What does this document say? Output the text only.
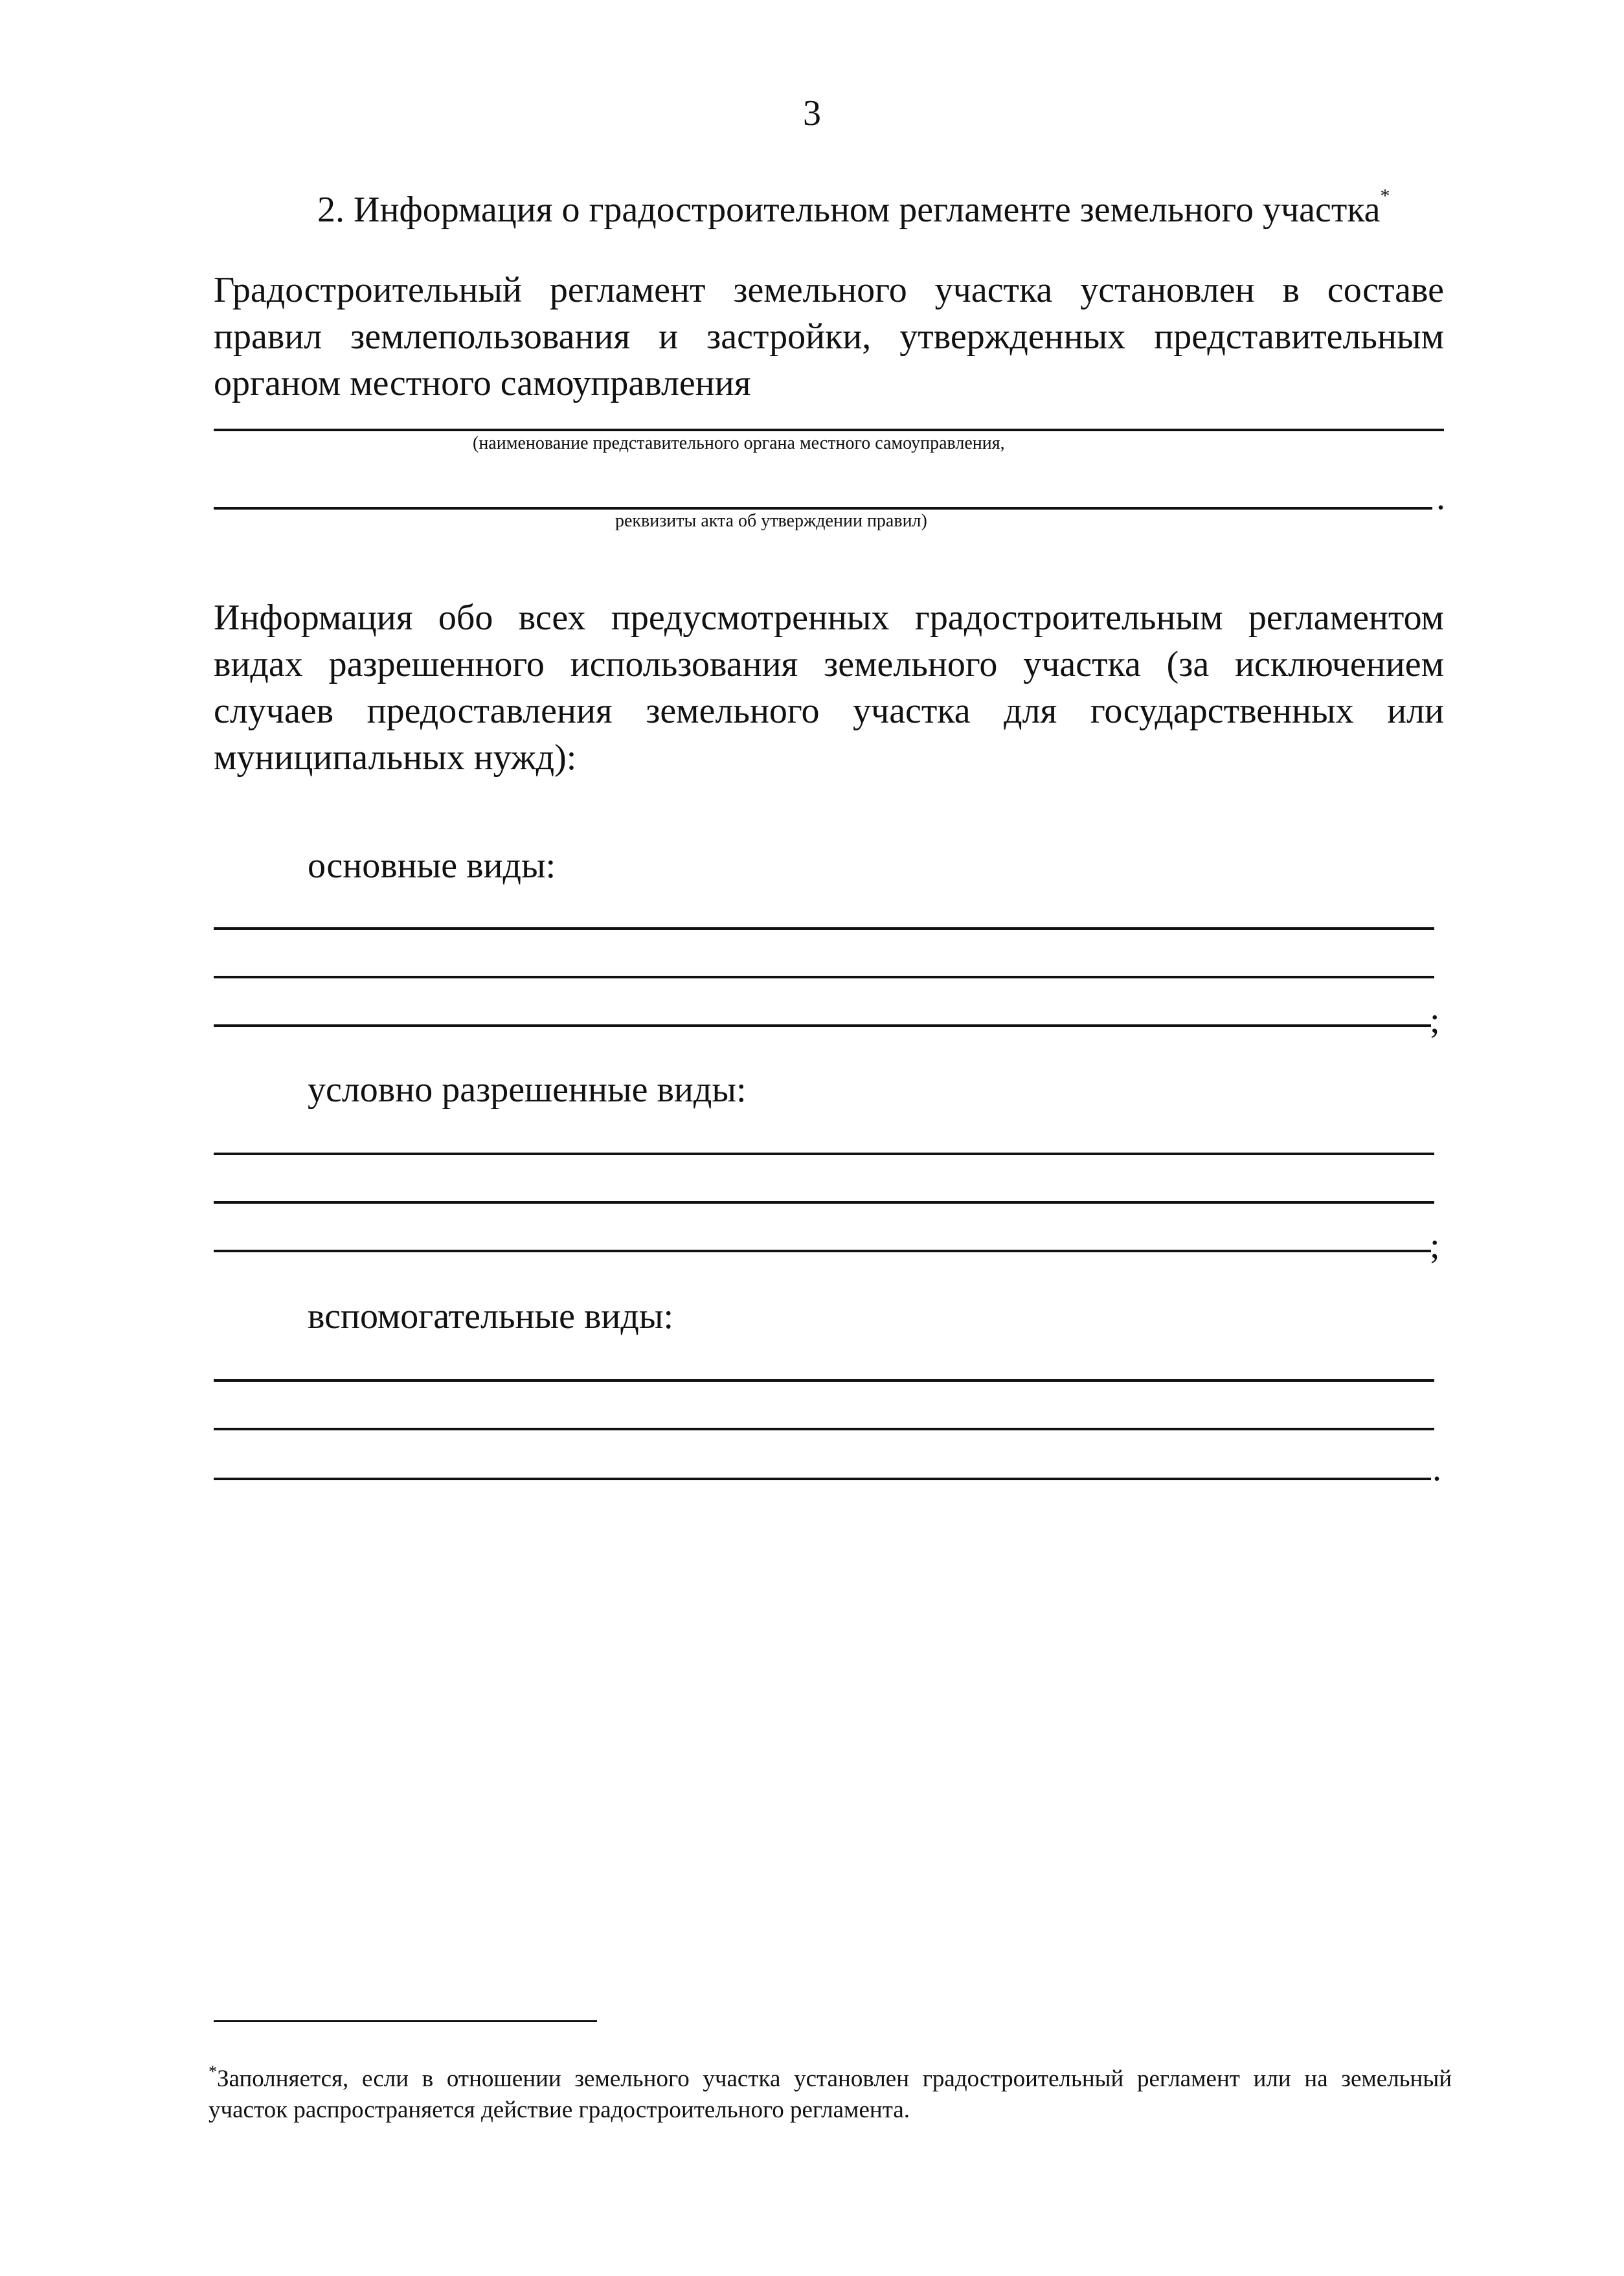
3
2. Информация о градостроительном регламенте земельного участка*
Градостроительный регламент земельного участка установлен в составе правил землепользования и застройки, утвержденных представительным органом местного самоуправления
(наименование представительного органа местного самоуправления,
.
реквизиты акта об утверждении правил)
Информация обо всех предусмотренных градостроительным регламентом видах разрешенного использования земельного участка (за исключением случаев предоставления земельного участка для государственных или муниципальных нужд):
основные виды:
;
условно разрешенные виды:
;
вспомогательные виды:
.
*Заполняется, если в отношении земельного участка установлен градостроительный регламент или на земельный участок распространяется действие градостроительного регламента.
